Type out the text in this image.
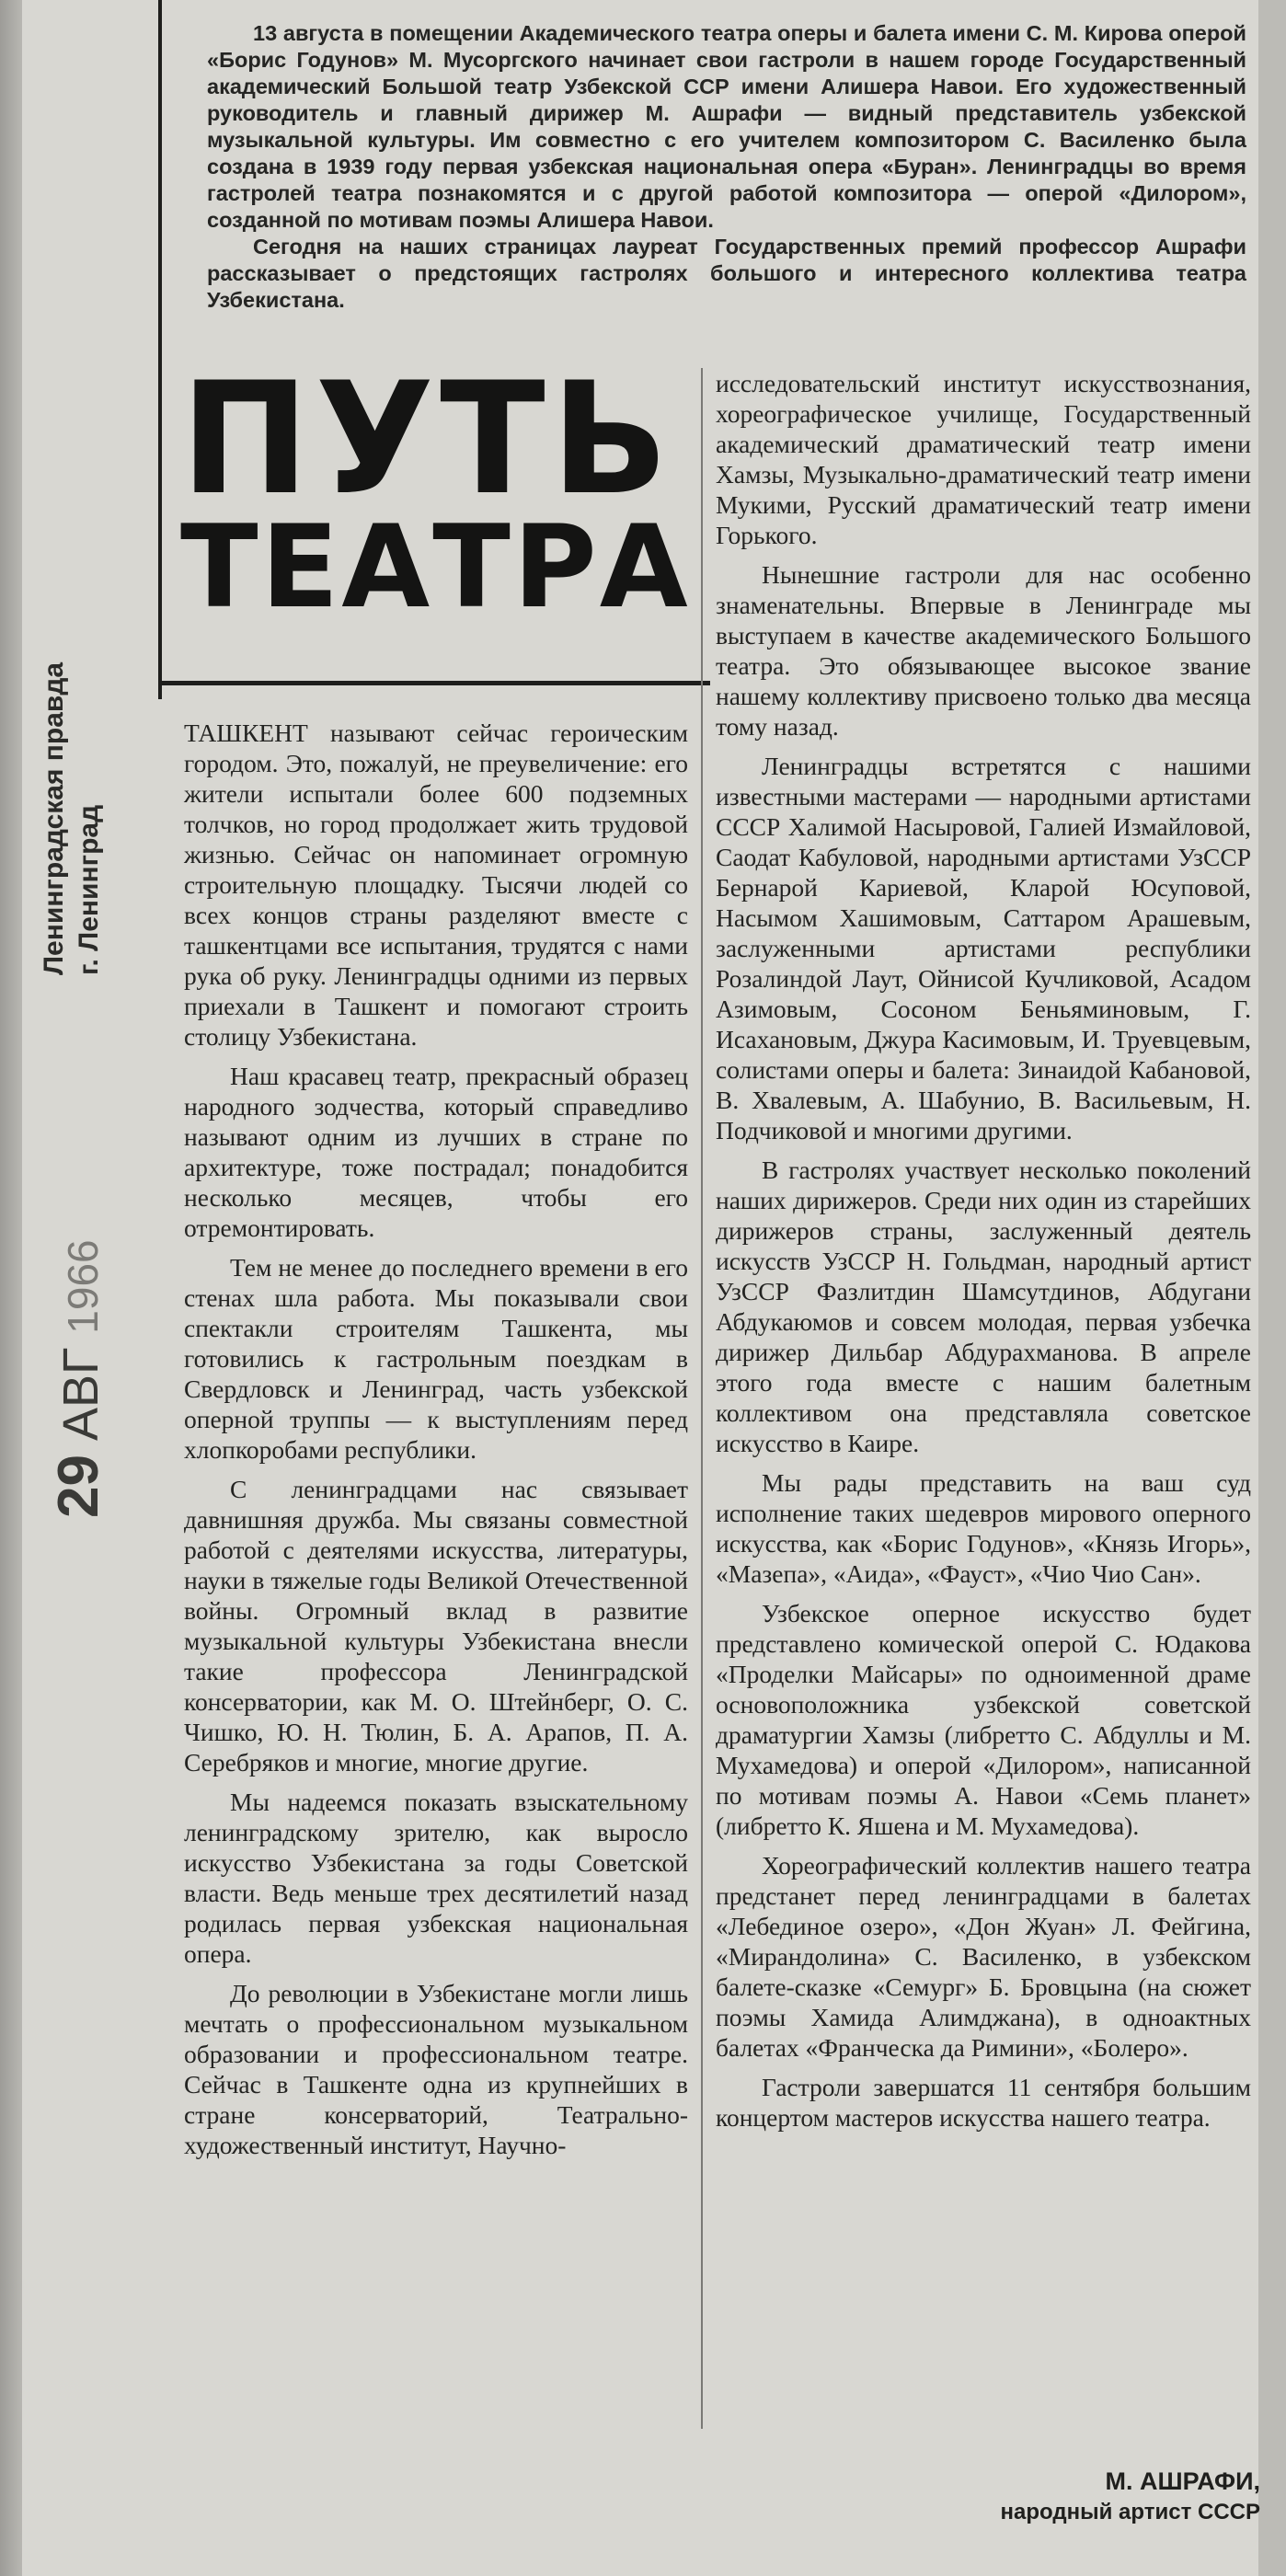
Ленинградская правда г. Ленинград
29 АВГ 1966

13 августа в помещении Академического театра оперы и балета имени С. М. Кирова оперой «Борис Годунов» М. Мусоргского начинает свои гастроли в нашем городе Государственный академический Большой театр Узбекской ССР имени Алишера Навои. Его художественный руководитель и главный дирижер М. Ашрафи — видный представитель узбекской музыкальной культуры. Им совместно с его учителем композитором С. Василенко была создана в 1939 году первая узбекская национальная опера «Буран». Ленинградцы во время гастролей театра познакомятся и с другой работой композитора — оперой «Дилором», созданной по мотивам поэмы Алишера Навои.

Сегодня на наших страницах лауреат Государственных премий профессор Ашрафи рассказывает о предстоящих гастролях большого и интересного коллектива театра Узбекистана.

ПУТЬ
ТЕАТРА

ТАШКЕНТ называют сейчас героическим городом. Это, пожалуй, не преувеличение: его жители испытали более 600 подземных толчков, но город продолжает жить трудовой жизнью. Сейчас он напоминает огромную строительную площадку. Тысячи людей со всех концов страны разделяют вместе с ташкентцами все испытания, трудятся с нами рука об руку. Ленинградцы одними из первых приехали в Ташкент и помогают строить столицу Узбекистана.

Наш красавец театр, прекрасный образец народного зодчества, который справедливо называют одним из лучших в стране по архитектуре, тоже пострадал; понадобится несколько месяцев, чтобы его отремонтировать.

Тем не менее до последнего времени в его стенах шла работа. Мы показывали свои спектакли строителям Ташкента, мы готовились к гастрольным поездкам в Свердловск и Ленинград, часть узбекской оперной труппы — к выступлениям перед хлопкоробами республики.

С ленинградцами нас связывает давнишняя дружба. Мы связаны совместной работой с деятелями искусства, литературы, науки в тяжелые годы Великой Отечественной войны. Огромный вклад в развитие музыкальной культуры Узбекистана внесли такие профессора Ленинградской консерватории, как М. О. Штейнберг, О. С. Чишко, Ю. Н. Тюлин, Б. А. Арапов, П. А. Серебряков и многие, многие другие.

Мы надеемся показать взыскательному ленинградскому зрителю, как выросло искусство Узбекистана за годы Советской власти. Ведь меньше трех десятилетий назад родилась первая узбекская национальная опера.

До революции в Узбекистане могли лишь мечтать о профессиональном музыкальном образовании и профессиональном театре. Сейчас в Ташкенте одна из крупнейших в стране консерваторий, Театрально-художественный институт, Научно-

исследовательский институт искусствознания, хореографическое училище, Государственный академический драматический театр имени Хамзы, Музыкально-драматический театр имени Мукими, Русский драматический театр имени Горького.

Нынешние гастроли для нас особенно знаменательны. Впервые в Ленинграде мы выступаем в качестве академического Большого театра. Это обязывающее высокое звание нашему коллективу присвоено только два месяца тому назад.

Ленинградцы встретятся с нашими известными мастерами — народными артистами СССР Халимой Насыровой, Галией Измайловой, Саодат Кабуловой, народными артистами УзССР Бернарой Кариевой, Кларой Юсуповой, Насымом Хашимовым, Саттаром Арашевым, заслуженными артистами республики Розалиндой Лаут, Ойнисой Кучликовой, Асадом Азимовым, Сосоном Беньяминовым, Г. Исахановым, Джура Касимовым, И. Труевцевым, солистами оперы и балета: Зинаидой Кабановой, В. Хвалевым, А. Шабунио, В. Васильевым, Н. Подчиковой и многими другими.

В гастролях участвует несколько поколений наших дирижеров. Среди них один из старейших дирижеров страны, заслуженный деятель искусств УзССР Н. Гольдман, народный артист УзССР Фазлитдин Шамсутдинов, Абдугани Абдукаюмов и совсем молодая, первая узбечка дирижер Дильбар Абдурахманова. В апреле этого года вместе с нашим балетным коллективом она представляла советское искусство в Каире.

Мы рады представить на ваш суд исполнение таких шедевров мирового оперного искусства, как «Борис Годунов», «Князь Игорь», «Мазепа», «Аида», «Фауст», «Чио Чио Сан».

Узбекское оперное искусство будет представлено комической оперой С. Юдакова «Проделки Майсары» по одноименной драме основоположника узбекской советской драматургии Хамзы (либретто С. Абдуллы и М. Мухамедова) и оперой «Дилором», написанной по мотивам поэмы А. Навои «Семь планет» (либретто К. Яшена и М. Мухамедова).

Хореографический коллектив нашего театра предстанет перед ленинградцами в балетах «Лебединое озеро», «Дон Жуан» Л. Фейгина, «Мирандолина» С. Василенко, в узбекском балете-сказке «Семург» Б. Бровцына (на сюжет поэмы Хамида Алимджана), в одноактных балетах «Франческа да Римини», «Болеро».

Гастроли завершатся 11 сентября большим концертом мастеров искусства нашего театра.

М. АШРАФИ,
народный артист СССР
